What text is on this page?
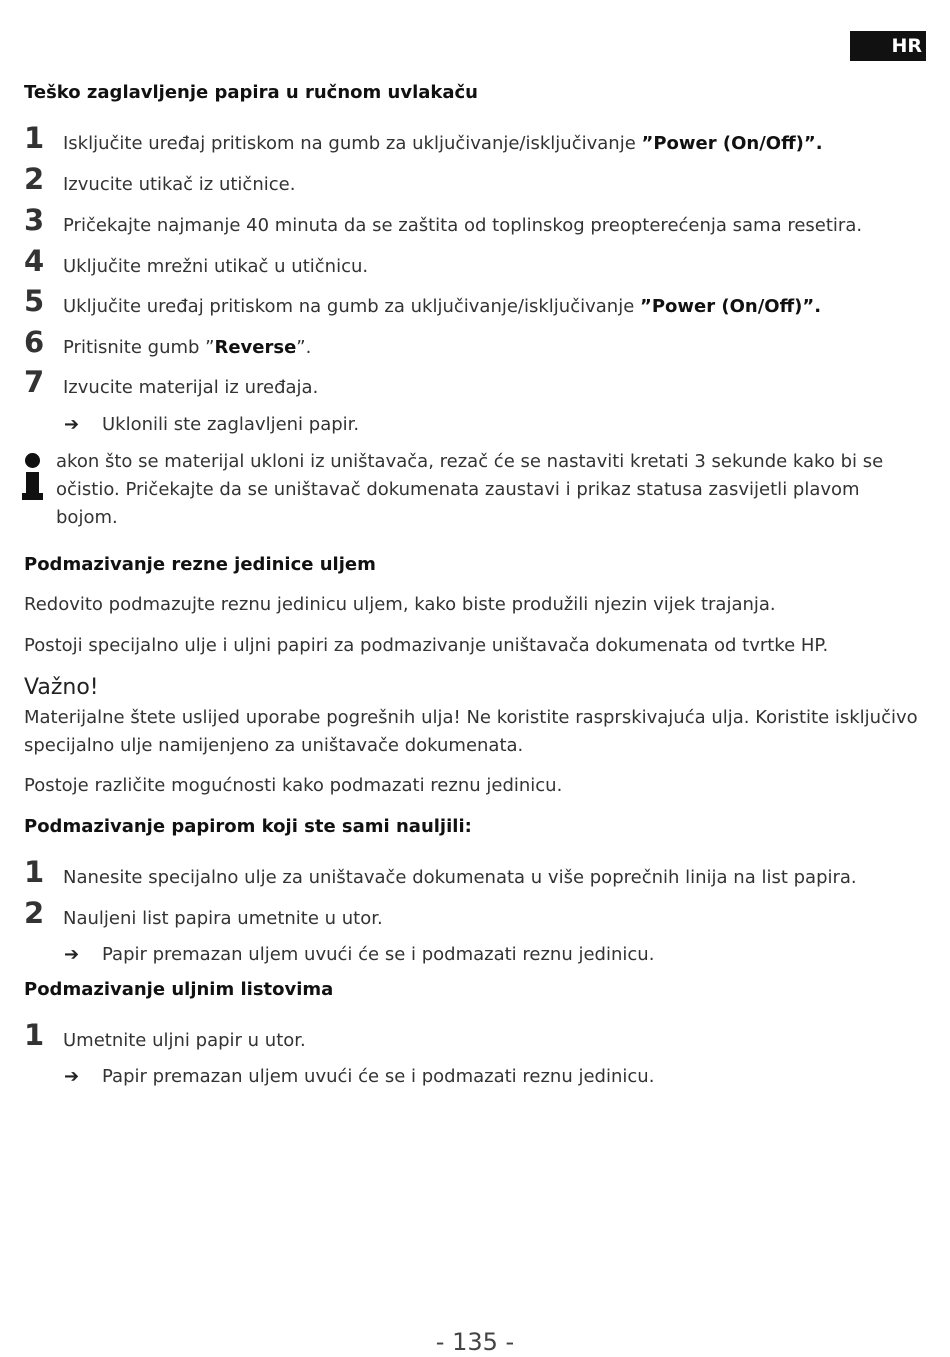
HR
Teško zaglavljenje papira u ručnom uvlakaču
1 Isključite uređaj pritiskom na gumb za uključivanje/isključivanje ”Power (On/Off)”.
2 Izvucite utikač iz utičnice.
3 Pričekajte najmanje 40 minuta da se zaštita od toplinskog preopterećenja sama resetira.
4 Uključite mrežni utikač u utičnicu.
5 Uključite uređaj pritiskom na gumb za uključivanje/isključivanje ”Power (On/Off)”.
6 Pritisnite gumb ”Reverse”.
7 Izvucite materijal iz uređaja.
➔ Uklonili ste zaglavljeni papir.
akon što se materijal ukloni iz uništavača, rezač će se nastaviti kretati 3 sekunde kako bi se očistio. Pričekajte da se uništavač dokumenata zaustavi i prikaz statusa zasvijetli plavom bojom.
Podmazivanje rezne jedinice uljem
Redovito podmazujte reznu jedinicu uljem, kako biste produžili njezin vijek trajanja.
Postoji specijalno ulje i uljni papiri za podmazivanje uništavača dokumenata od tvrtke HP.
Važno!
Materijalne štete uslijed uporabe pogrešnih ulja! Ne koristite rasprskivajuća ulja. Koristite isključivo specijalno ulje namijenjeno za uništavače dokumenata.
Postoje različite mogućnosti kako podmazati reznu jedinicu.
Podmazivanje papirom koji ste sami nauljili:
1 Nanesite specijalno ulje za uništavače dokumenata u više poprečnih linija na list papira.
2 Nauljeni list papira umetnite u utor.
➔ Papir premazan uljem uvući će se i podmazati reznu jedinicu.
Podmazivanje uljnim listovima
1 Umetnite uljni papir u utor.
➔ Papir premazan uljem uvući će se i podmazati reznu jedinicu.
- 135 -
